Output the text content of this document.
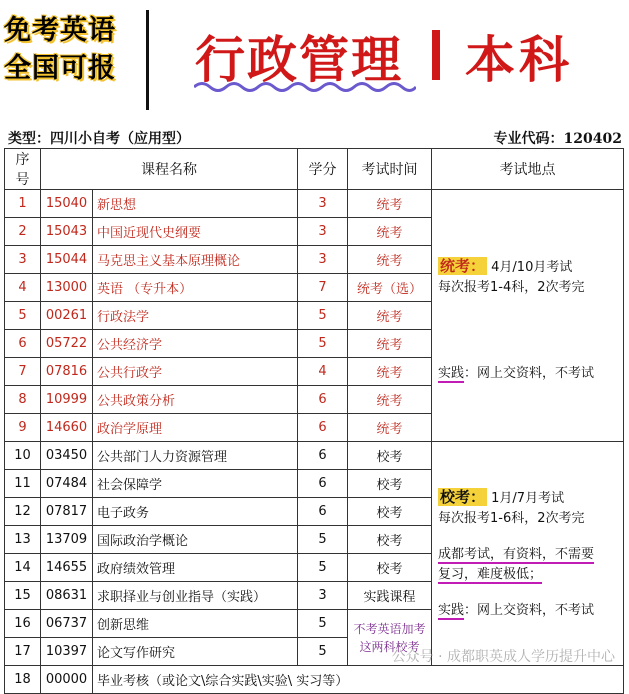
免考英语
全国可报	行政管理 本科
类型：四川小自考（应用型）	专业代码：120402
序号	课程名称		学分	考试时间	考试地点
1	15040	新思想	3	统考	统考： 4月/10月考试
每次报考1-4科，2次考完
实践：网上交资料，不考试

2	15043	中国近现代史纲要	3	统考	
3	15044	马克思主义基本原理概论	3	统考	
4	13000	英语 （专升本）	7	统考（选）	
5	00261	行政法学	5	统考	
6	05722	公共经济学	5	统考	
7	07816	公共行政学	4	统考	
8	10999	公共政策分析	6	统考	
9	14660	政治学原理	6	统考	
10	03450	公共部门人力资源管理	6	校考	校考： 1月/7月考试
每次报考1-6科，2次考完
成都考试，有资料，不需要
复习，难度极低；
实践：网上交资料，不考试

11	07484	社会保障学	6	校考	
12	07817	电子政务	6	校考	
13	13709	国际政治学概论	5	校考	
14	14655	政府绩效管理	5	校考	
15	08631	求职择业与创业指导（实践）	3	实践课程	
16	06737	创新思维	5	不考英语加考
这两科校考	

17	10397	论文写作研究	5		
18	00000	毕业考核（或论文\综合实践\实验\ 实习等）			
公众号 · 成都职英成人学历提升中心
